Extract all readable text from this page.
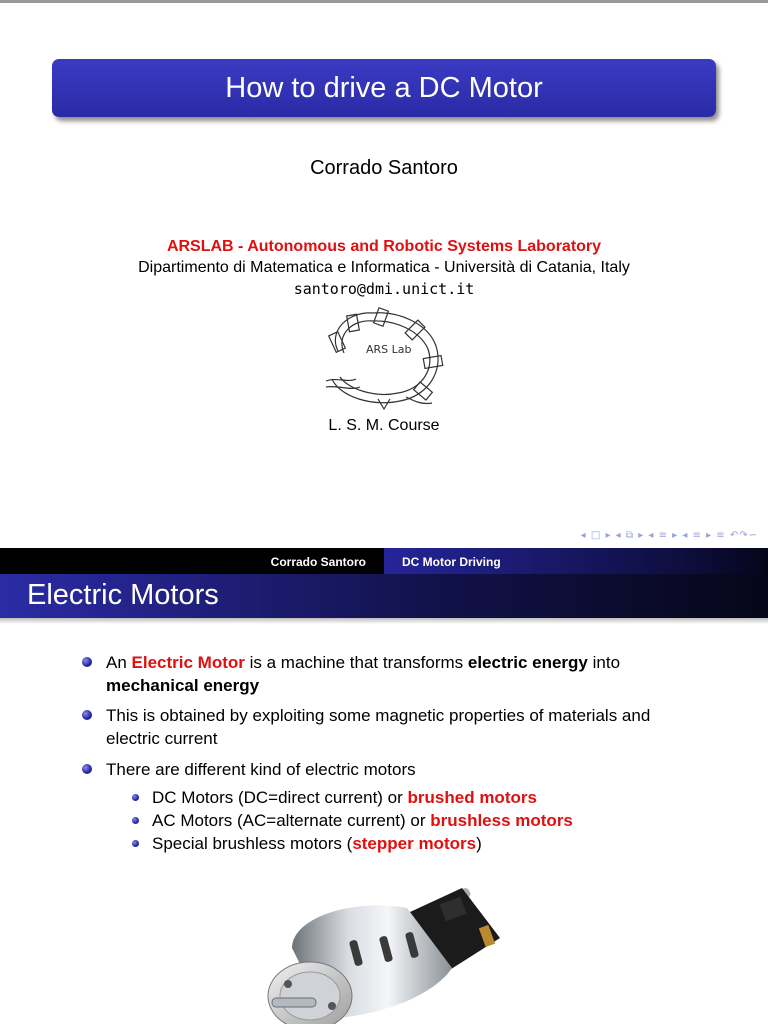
How to drive a DC Motor
Corrado Santoro
ARSLAB - Autonomous and Robotic Systems Laboratory
Dipartimento di Matematica e Informatica - Università di Catania, Italy
santoro@dmi.unict.it
ARS Lab
L. S. M. Course
◂ □ ▸ ◂ ⧉ ▸ ◂ ≡ ▸ ◂ ≡ ▸ ≡ ↶↷∽
Corrado Santoro	DC Motor Driving
Electric Motors
An Electric Motor is a machine that transforms electric energy into mechanical energy
This is obtained by exploiting some magnetic properties of materials and electric current
There are different kind of electric motors
DC Motors (DC=direct current) or brushed motors
AC Motors (AC=alternate current) or brushless motors
Special brushless motors (stepper motors)
